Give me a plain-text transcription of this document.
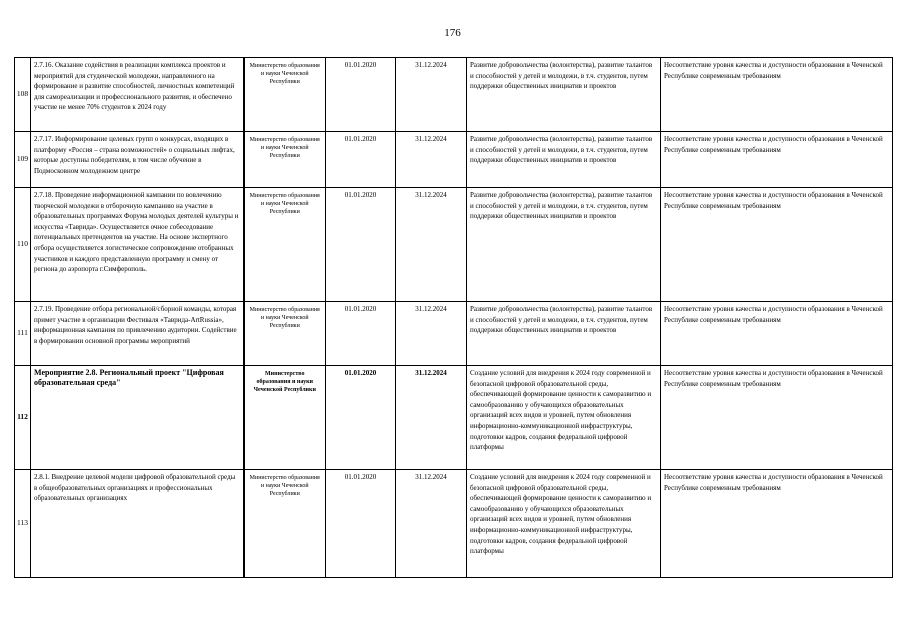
176
108	2.7.16. Оказание содействия в реализации комплекса проектов и мероприятий для студенческой молодежи, направленного на формирование и развитие способностей, личностных компетенций для самореализации и профессионального развития, и обеспечено участие не менее 70% студентов к 2024 году	Министерство образования и науки Чеченской Республики	01.01.2020	31.12.2024	Развитие добровольчества (волонтерства), развитие талантов и способностей у детей и молодежи, в т.ч. студентов, путем поддержки общественных инициатив и проектов	Несоответствие уровня качества и доступности образования в Чеченской Республике современным требованиям
109	2.7.17. Информирование целевых групп о конкурсах, входящих в платформу «Россия – страна возможностей» о социальных лифтах, которые доступны победителям, в том числе обучение в Подмосковном молодежном центре	Министерство образования и науки Чеченской Республики	01.01.2020	31.12.2024	Развитие добровольчества (волонтерства), развитие талантов и способностей у детей и молодежи, в т.ч. студентов, путем поддержки общественных инициатив и проектов	Несоответствие уровня качества и доступности образования в Чеченской Республике современным требованиям
110	2.7.18. Проведение информационной кампании по вовлечению творческой молодежи в отборочную кампанию на участие в образовательных программах Форума молодых деятелей культуры и искусства «Таврида». Осуществляется очное собеседование потенциальных претендентов на участие. На основе экспертного отбора осуществляется логистическое сопровождение отобранных участников и каждого представленную программу и смену от региона до аэропорта г.Симферополь.	Министерство образования и науки Чеченской Республики	01.01.2020	31.12.2024	Развитие добровольчества (волонтерства), развитие талантов и способностей у детей и молодежи, в т.ч. студентов, путем поддержки общественных инициатив и проектов	Несоответствие уровня качества и доступности образования в Чеченской Республике современным требованиям
111	2.7.19. Проведение отбора региональной/сборной команды, которая примет участие в организации Фестиваля «Таврида-ArtRussia», информационная кампания по привлечению аудитории. Содействие в формировании основной программы мероприятий	Министерство образования и науки Чеченской Республики	01.01.2020	31.12.2024	Развитие добровольчества (волонтерства), развитие талантов и способностей у детей и молодежи, в т.ч. студентов, путем поддержки общественных инициатив и проектов	Несоответствие уровня качества и доступности образования в Чеченской Республике современным требованиям
112	Мероприятие 2.8. Региональный проект "Цифровая образовательная среда"	Министерство образования и науки Чеченской Республики	01.01.2020	31.12.2024	Создание условий для внедрения к 2024 году современной и безопасной цифровой образовательной среды, обеспечивающей формирование ценности к саморазвитию и самообразованию у обучающихся образовательных организаций всех видов и уровней, путем обновления информационно-коммуникационной инфраструктуры, подготовки кадров, создания федеральной цифровой платформы	Несоответствие уровня качества и доступности образования в Чеченской Республике современным требованиям
113	2.8.1. Внедрение целевой модели цифровой образовательной среды в общеобразовательных организациях и профессиональных образовательных организациях	Министерство образования и науки Чеченской Республики	01.01.2020	31.12.2024	Создание условий для внедрения к 2024 году современной и безопасной цифровой образовательной среды, обеспечивающей формирование ценности к саморазвитию и самообразованию у обучающихся образовательных организаций всех видов и уровней, путем обновления информационно-коммуникационной инфраструктуры, подготовки кадров, создания федеральной цифровой платформы	Несоответствие уровня качества и доступности образования в Чеченской Республике современным требованиям
